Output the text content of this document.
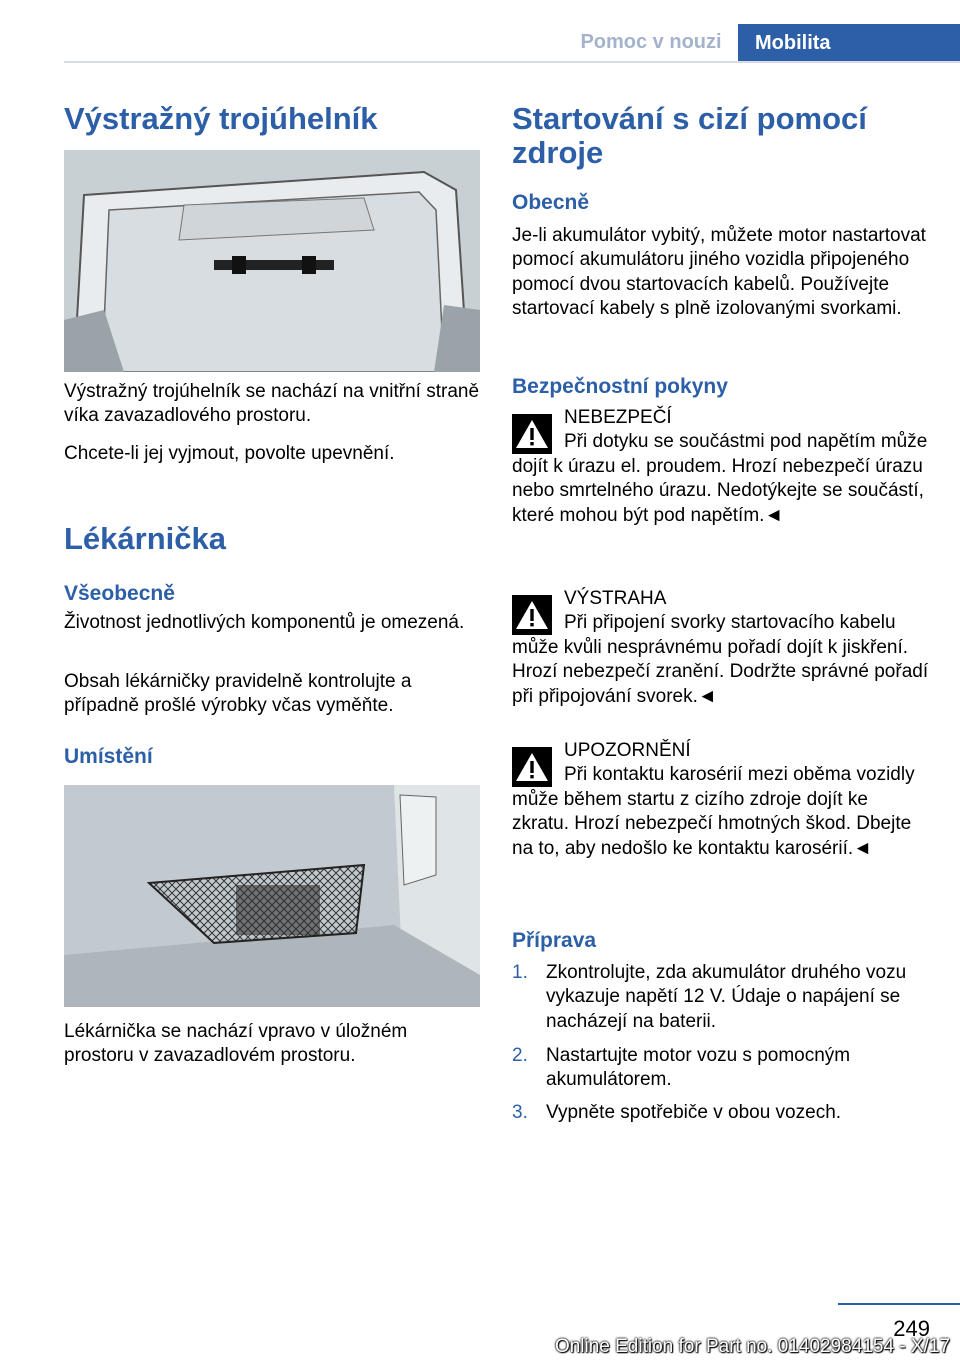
Pomoc v nouzi	Mobilita
Výstražný trojúhelník

Výstražný trojúhelník se nachází na vnitřní straně víka zavazadlového prostoru.

Chcete-li jej vyjmout, povolte upevnění.

Lékárnička
Všeobecně

Životnost jednotlivých komponentů je omezená.

Obsah lékárničky pravidelně kontrolujte a případně prošlé výrobky včas vyměňte.

Umístění

Lékárnička se nachází vpravo v úložném prostoru v zavazadlovém prostoru.

Startování s cizí pomocí zdroje
Obecně

Je-li akumulátor vybitý, můžete motor nastartovat pomocí akumulátoru jiného vozidla připojeného pomocí dvou startovacích kabelů. Používejte startovací kabely s plně izolovanými svorkami.

Bezpečnostní pokyny
NEBEZPEČÍ
Při dotyku se součástmi pod napětím může dojít k úrazu el. proudem. Hrozí nebezpečí úrazu nebo smrtelného úrazu. Nedotýkejte se součástí, které mohou být pod napětím.◄
VÝSTRAHA
Při připojení svorky startovacího kabelu může kvůli nesprávnému pořadí dojít k jiskření. Hrozí nebezpečí zranění. Dodržte správné pořadí při připojování svorek.◄
UPOZORNĚNÍ
Při kontaktu karosérií mezi oběma vozidly může během startu z cizího zdroje dojít ke zkratu. Hrozí nebezpečí hmotných škod. Dbejte na to, aby nedošlo ke kontaktu karosérií.◄
Příprava
1. Zkontrolujte, zda akumulátor druhého vozu vykazuje napětí 12 V. Údaje o napájení se nacházejí na baterii.
2. Nastartujte motor vozu s pomocným akumulátorem.
3. Vypněte spotřebiče v obou vozech.
249
Online Edition for Part no. 01402984154 - X/17
